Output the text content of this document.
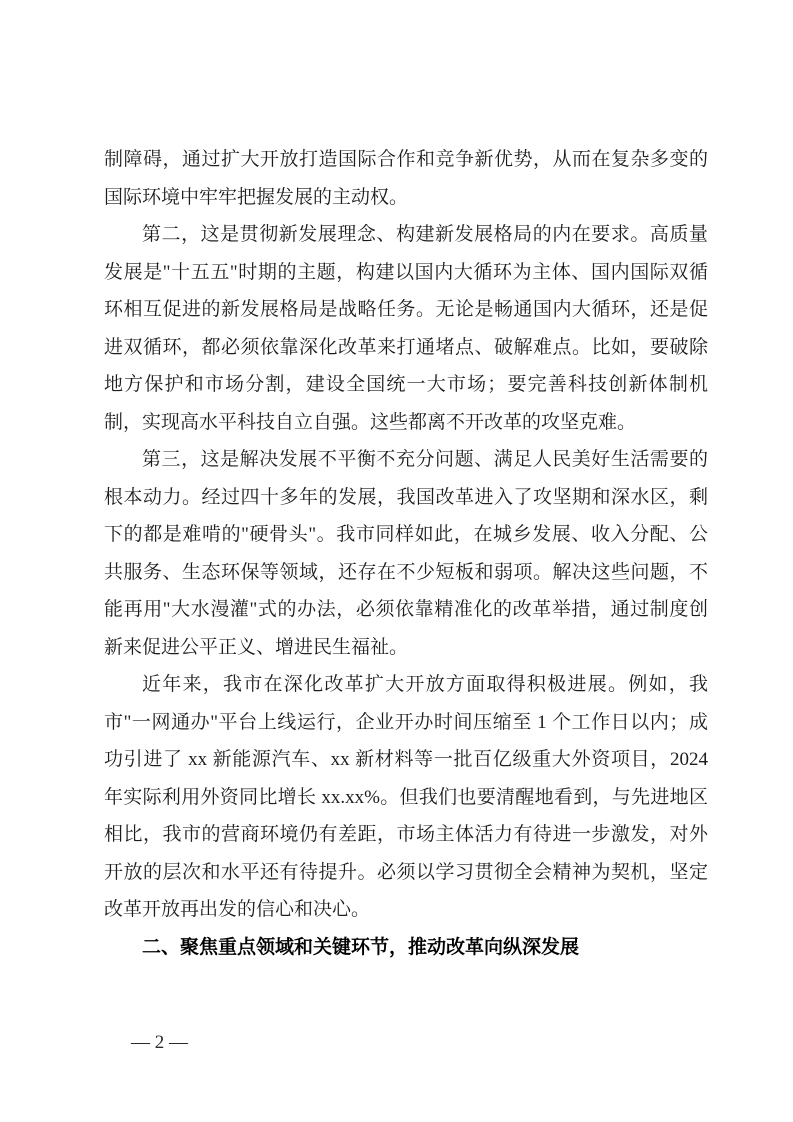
制障碍，通过扩大开放打造国际合作和竞争新优势，从而在复杂多变的国际环境中牢牢把握发展的主动权。

第二，这是贯彻新发展理念、构建新发展格局的内在要求。高质量发展是"十五五"时期的主题，构建以国内大循环为主体、国内国际双循环相互促进的新发展格局是战略任务。无论是畅通国内大循环，还是促进双循环，都必须依靠深化改革来打通堵点、破解难点。比如，要破除地方保护和市场分割，建设全国统一大市场；要完善科技创新体制机制，实现高水平科技自立自强。这些都离不开改革的攻坚克难。

第三，这是解决发展不平衡不充分问题、满足人民美好生活需要的根本动力。经过四十多年的发展，我国改革进入了攻坚期和深水区，剩下的都是难啃的"硬骨头"。我市同样如此，在城乡发展、收入分配、公共服务、生态环保等领域，还存在不少短板和弱项。解决这些问题，不能再用"大水漫灌"式的办法，必须依靠精准化的改革举措，通过制度创新来促进公平正义、增进民生福祉。

近年来，我市在深化改革扩大开放方面取得积极进展。例如，我市"一网通办"平台上线运行，企业开办时间压缩至 1 个工作日以内；成功引进了 xx 新能源汽车、xx 新材料等一批百亿级重大外资项目，2024 年实际利用外资同比增长 xx.xx%。但我们也要清醒地看到，与先进地区相比，我市的营商环境仍有差距，市场主体活力有待进一步激发，对外开放的层次和水平还有待提升。必须以学习贯彻全会精神为契机，坚定改革开放再出发的信心和决心。

二、聚焦重点领域和关键环节，推动改革向纵深发展
— 2 —
